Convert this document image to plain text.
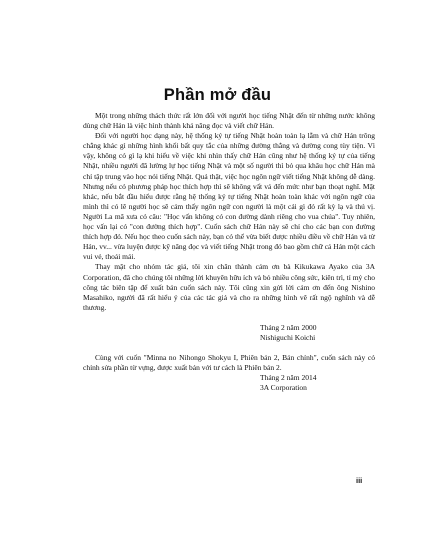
Phần mở đầu

Một trong những thách thức rất lớn đối với người học tiếng Nhật đến từ những nước không dùng chữ Hán là việc hình thành khả năng đọc và viết chữ Hán.

Đối với người học dạng này, hệ thống ký tự tiếng Nhật hoàn toàn lạ lẫm và chữ Hán trông chẳng khác gì những hình khối bất quy tắc của những đường thẳng và đường cong tùy tiện. Vì vậy, không có gì lạ khi hiểu về việc khi nhìn thấy chữ Hán cũng như hệ thống ký tự của tiếng Nhật, nhiều người đã lường lự học tiếng Nhật và một số người thì bỏ qua khâu học chữ Hán mà chỉ tập trung vào học nói tiếng Nhật. Quả thật, việc học ngôn ngữ viết tiếng Nhật không dễ dàng. Nhưng nếu có phương pháp học thích hợp thì sẽ không vất vả đến mức như bạn thoạt nghĩ. Mặt khác, nếu bắt đầu hiểu được rằng hệ thống ký tự tiếng Nhật hoàn toàn khác với ngôn ngữ của mình thì có lẽ người học sẽ cảm thấy ngôn ngữ con người là một cái gì đó rất kỳ lạ và thú vị. Người La mã xưa có câu: "Học vấn không có con đường dành riêng cho vua chúa". Tuy nhiên, học vấn lại có "con đường thích hợp". Cuốn sách chữ Hán này sẽ chỉ cho các bạn con đường thích hợp đó. Nếu học theo cuốn sách này, bạn có thể vừa biết được nhiều điều về chữ Hán và từ Hán, vv... vừa luyện được kỹ năng đọc và viết tiếng Nhật trong đó bao gồm chữ cả Hán một cách vui vẻ, thoải mái.

Thay mặt cho nhóm tác giả, tôi xin chân thành cảm ơn bà Kikukawa Ayako của 3A Corporation, đã cho chúng tôi những lời khuyên hữu ích và bỏ nhiều công sức, kiên trì, tỉ mỷ cho công tác biên tập để xuất bản cuốn sách này. Tôi cũng xin gửi lời cảm ơn đến ông Nishino Masahiko, người đã rất hiểu ý của các tác giả và cho ra những hình vẽ rất ngộ nghĩnh và dễ thương.

Tháng 2 năm 2000
Nishiguchi Koichi

Cùng với cuốn "Minna no Nihongo Shokyu I, Phiên bản 2, Bản chính", cuốn sách này có chỉnh sửa phần từ vựng, được xuất bản với tư cách là Phiên bản 2.

Tháng 2 năm 2014
3A Corporation
iii
